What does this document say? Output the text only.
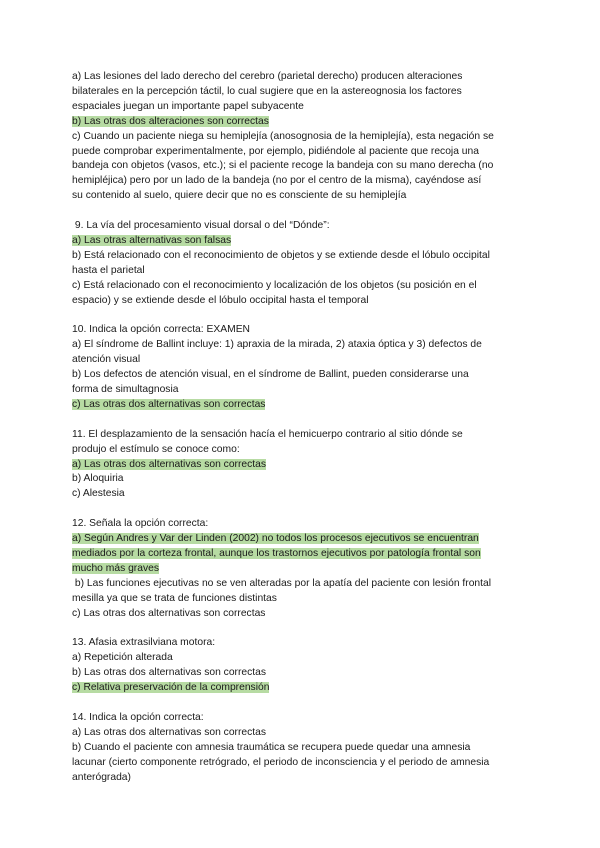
a) Las lesiones del lado derecho del cerebro (parietal derecho) producen alteraciones
bilaterales en la percepción táctil, lo cual sugiere que en la astereognosia los factores
espaciales juegan un importante papel subyacente
b) Las otras dos alteraciones son correctas
c) Cuando un paciente niega su hemiplejía (anosognosia de la hemiplejía), esta negación se
puede comprobar experimentalmente, por ejemplo, pidiéndole al paciente que recoja una
bandeja con objetos (vasos, etc.); si el paciente recoge la bandeja con su mano derecha (no
hemipléjica) pero por un lado de la bandeja (no por el centro de la misma), cayéndose así
su contenido al suelo, quiere decir que no es consciente de su hemiplejía
9. La vía del procesamiento visual dorsal o del “Dónde”:
a) Las otras alternativas son falsas
b) Está relacionado con el reconocimiento de objetos y se extiende desde el lóbulo occipital
hasta el parietal
c) Está relacionado con el reconocimiento y localización de los objetos (su posición en el
espacio) y se extiende desde el lóbulo occipital hasta el temporal
10. Indica la opción correcta: EXAMEN
a) El síndrome de Ballint incluye: 1) apraxia de la mirada, 2) ataxia óptica y 3) defectos de
atención visual
b) Los defectos de atención visual, en el síndrome de Ballint, pueden considerarse una
forma de simultagnosia
c) Las otras dos alternativas son correctas
11. El desplazamiento de la sensación hacía el hemicuerpo contrario al sitio dónde se
produjo el estímulo se conoce como:
a) Las otras dos alternativas son correctas
b) Aloquiria
c) Alestesia
12. Señala la opción correcta:
a) Según Andres y Var der Linden (2002) no todos los procesos ejecutivos se encuentran
mediados por la corteza frontal, aunque los trastornos ejecutivos por patología frontal son
mucho más graves
b) Las funciones ejecutivas no se ven alteradas por la apatía del paciente con lesión frontal
mesilla ya que se trata de funciones distintas
c) Las otras dos alternativas son correctas
13. Afasia extrasilviana motora:
a) Repetición alterada
b) Las otras dos alternativas son correctas
c) Relativa preservación de la comprensión
14. Indica la opción correcta:
a) Las otras dos alternativas son correctas
b) Cuando el paciente con amnesia traumática se recupera puede quedar una amnesia
lacunar (cierto componente retrógrado, el periodo de inconsciencia y el periodo de amnesia
anterógrada)
